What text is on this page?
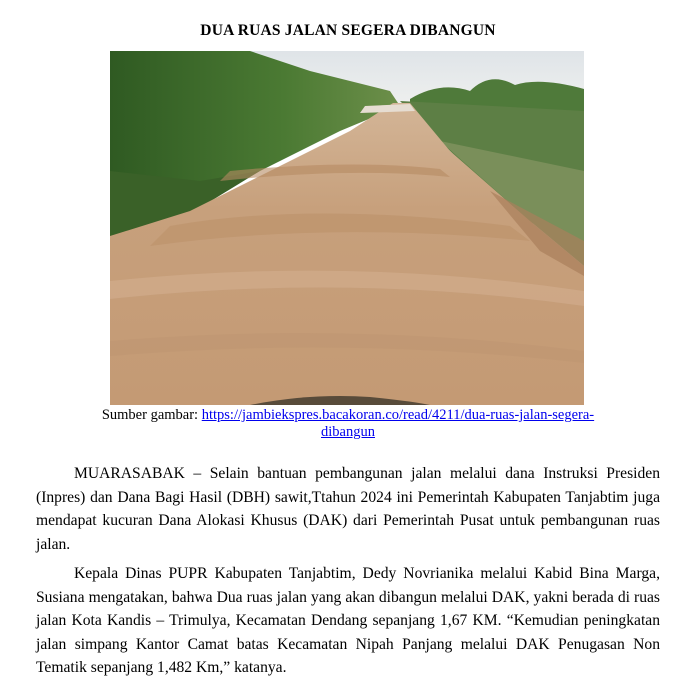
DUA RUAS JALAN SEGERA DIBANGUN
Sumber gambar: https://jambiekspres.bacakoran.co/read/4211/dua-ruas-jalan-segera-dibangun

MUARASABAK – Selain bantuan pembangunan jalan melalui dana Instruksi Presiden (Inpres) dan Dana Bagi Hasil (DBH) sawit,Ttahun 2024 ini Pemerintah Kabupaten Tanjabtim juga mendapat kucuran Dana Alokasi Khusus (DAK) dari Pemerintah Pusat untuk pembangunan ruas jalan.

Kepala Dinas PUPR Kabupaten Tanjabtim, Dedy Novrianika melalui Kabid Bina Marga, Susiana mengatakan, bahwa Dua ruas jalan yang akan dibangun melalui DAK, yakni berada di ruas jalan Kota Kandis – Trimulya, Kecamatan Dendang sepanjang 1,67 KM. “Kemudian peningkatan jalan simpang Kantor Camat batas Kecamatan Nipah Panjang melalui DAK Penugasan Non Tematik sepanjang 1,482 Km,” katanya.
